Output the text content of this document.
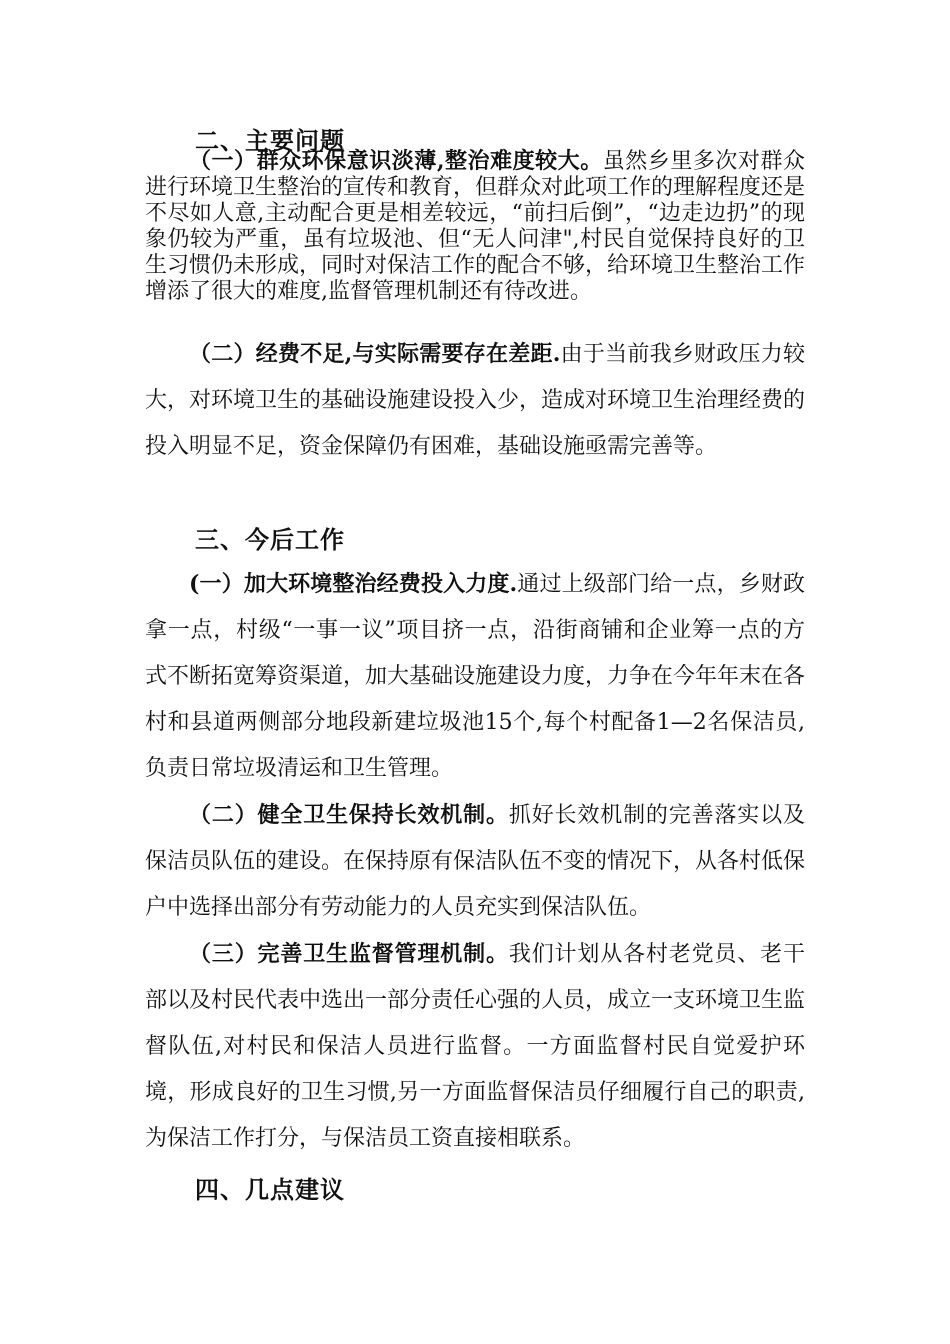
二、主要问题

（一）群众环保意识淡薄,整治难度较大。虽然乡里多次对群众进行环境卫生整治的宣传和教育，但群众对此项工作的理解程度还是不尽如人意,主动配合更是相差较远，“前扫后倒”，“边走边扔”的现象仍较为严重，虽有垃圾池、但“无人问津",村民自觉保持良好的卫生习惯仍未形成，同时对保洁工作的配合不够，给环境卫生整治工作增添了很大的难度,监督管理机制还有待改进。

（二）经费不足,与实际需要存在差距.由于当前我乡财政压力较大，对环境卫生的基础设施建设投入少，造成对环境卫生治理经费的投入明显不足，资金保障仍有困难，基础设施亟需完善等。

三、今后工作

(一）加大环境整治经费投入力度.通过上级部门给一点，乡财政拿一点，村级“一事一议”项目挤一点，沿街商铺和企业筹一点的方式不断拓宽筹资渠道，加大基础设施建设力度，力争在今年年末在各村和县道两侧部分地段新建垃圾池15个,每个村配备1—2名保洁员,负责日常垃圾清运和卫生管理。

（二）健全卫生保持长效机制。抓好长效机制的完善落实以及保洁员队伍的建设。在保持原有保洁队伍不变的情况下，从各村低保户中选择出部分有劳动能力的人员充实到保洁队伍。

（三）完善卫生监督管理机制。我们计划从各村老党员、老干部以及村民代表中选出一部分责任心强的人员，成立一支环境卫生监督队伍,对村民和保洁人员进行监督。一方面监督村民自觉爱护环境，形成良好的卫生习惯,另一方面监督保洁员仔细履行自己的职责,为保洁工作打分，与保洁员工资直接相联系。

四、几点建议
